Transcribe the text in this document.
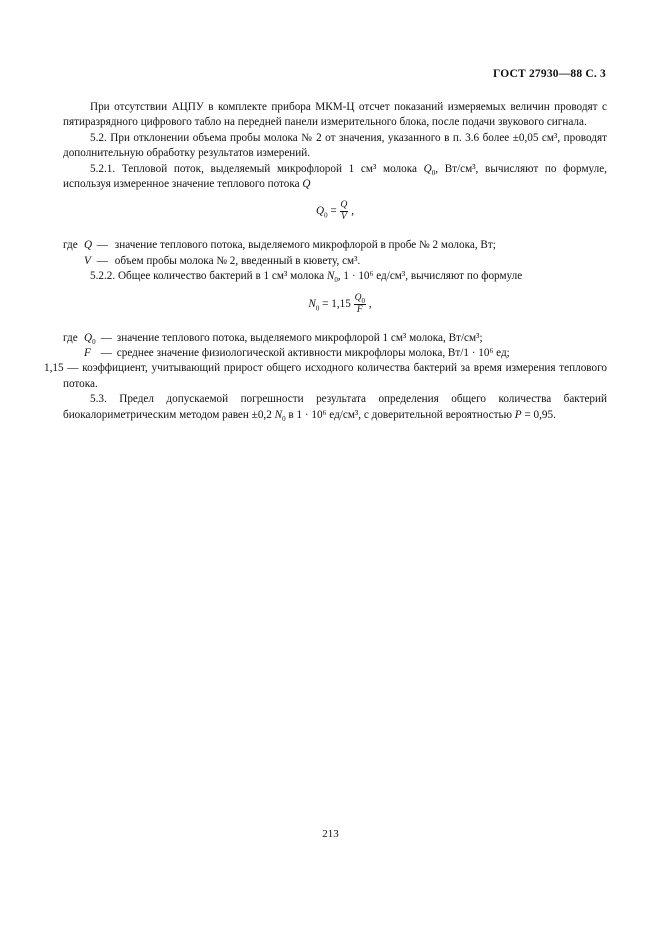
ГОСТ 27930—88 С. 3

При отсутствии АЦПУ в комплекте прибора МКМ-Ц отсчет показаний измеряемых величин проводят с пятиразрядного цифрового табло на передней панели измерительного блока, после подачи звукового сигнала.

5.2. При отклонении объема пробы молока № 2 от значения, указанного в п. 3.6 более ±0,05 см³, проводят дополнительную обработку результатов измерений.

5.2.1. Тепловой поток, выделяемый микрофлорой 1 см³ молока $Q_0$, Вт/см³, вычисляют по формуле, используя измеренное значение теплового потока Q

$Q_0 = \frac{Q}{V}$ ,
где Q — значение теплового потока, выделяемого микрофлорой в пробе № 2 молока, Вт;
V — объем пробы молока № 2, введенный в кювету, см³.

5.2.2. Общее количество бактерий в 1 см³ молока $N_0$, 1 · 10⁶ ед/см³, вычисляют по формуле

$N_0 = 1,15 \frac{Q_0}{F}$ ,
где $Q_0$ — значение теплового потока, выделяемого микрофлорой 1 см³ молока, Вт/см³;
F — среднее значение физиологической активности микрофлоры молока, Вт/1 · 10⁶ ед;

1,15 — коэффициент, учитывающий прирост общего исходного количества бактерий за время измерения теплового потока.

5.3. Предел допускаемой погрешности результата определения общего количества бактерий биокалориметрическим методом равен ±0,2 $N_0$ в 1 · 10⁶ ед/см³, с доверительной вероятностью P = 0,95.

213
